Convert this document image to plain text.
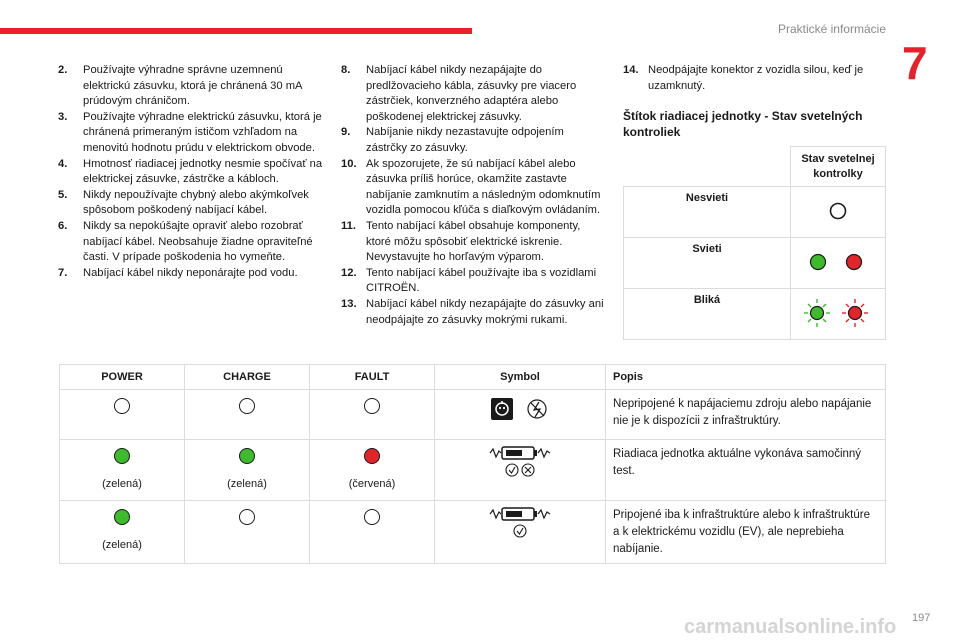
Praktické informácie
7
2. Používajte výhradne správne uzemnenú elektrickú zásuvku, ktorá je chránená 30 mA prúdovým chráničom.
3. Používajte výhradne elektrickú zásuvku, ktorá je chránená primeraným ističom vzhľadom na menovitú hodnotu prúdu v elektrickom obvode.
4. Hmotnosť riadiacej jednotky nesmie spočívať na elektrickej zásuvke, zástrčke a kábloch.
5. Nikdy nepoužívajte chybný alebo akýmkoľvek spôsobom poškodený nabíjací kábel.
6. Nikdy sa nepokúšajte opraviť alebo rozobrať nabíjací kábel. Neobsahuje žiadne opraviteľné časti. V prípade poškodenia ho vymeňte.
7. Nabíjací kábel nikdy neponárajte pod vodu.
8. Nabíjací kábel nikdy nezapájajte do predlžovacieho kábla, zásuvky pre viacero zástrčiek, konverzného adaptéra alebo poškodenej elektrickej zásuvky.
9. Nabíjanie nikdy nezastavujte odpojením zástrčky zo zásuvky.
10. Ak spozorujete, že sú nabíjací kábel alebo zásuvka príliš horúce, okamžite zastavte nabíjanie zamknutím a následným odomknutím vozidla pomocou kľúča s diaľkovým ovládaním.
11. Tento nabíjací kábel obsahuje komponenty, ktoré môžu spôsobiť elektrické iskrenie. Nevystavujte ho horľavým výparom.
12. Tento nabíjací kábel používajte iba s vozidlami CITROËN.
13. Nabíjací kábel nikdy nezapájajte do zásuvky ani neodpájajte zo zásuvky mokrými rukami.
14. Neodpájajte konektor z vozidla silou, keď je uzamknutý.
Štítok riadiacej jednotky - Stav svetelných kontroliek
	Stav svetelnej kontrolky
Nesvieti	
Svieti	
Bliká	
POWER	CHARGE	FAULT	Symbol	Popis
				Nepripojené k napájaciemu zdroju alebo napájanie nie je k dispozícii z infraštruktúry.

(zelená)	(zelená)	(červená)		Riadiaca jednotka aktuálne vykonáva samočinný test.

(zelená)				Pripojené iba k infraštruktúre alebo k infraštruktúre a k elektrickému vozidlu (EV), ale neprebieha nabíjanie.
carmanualsonline.info 197
